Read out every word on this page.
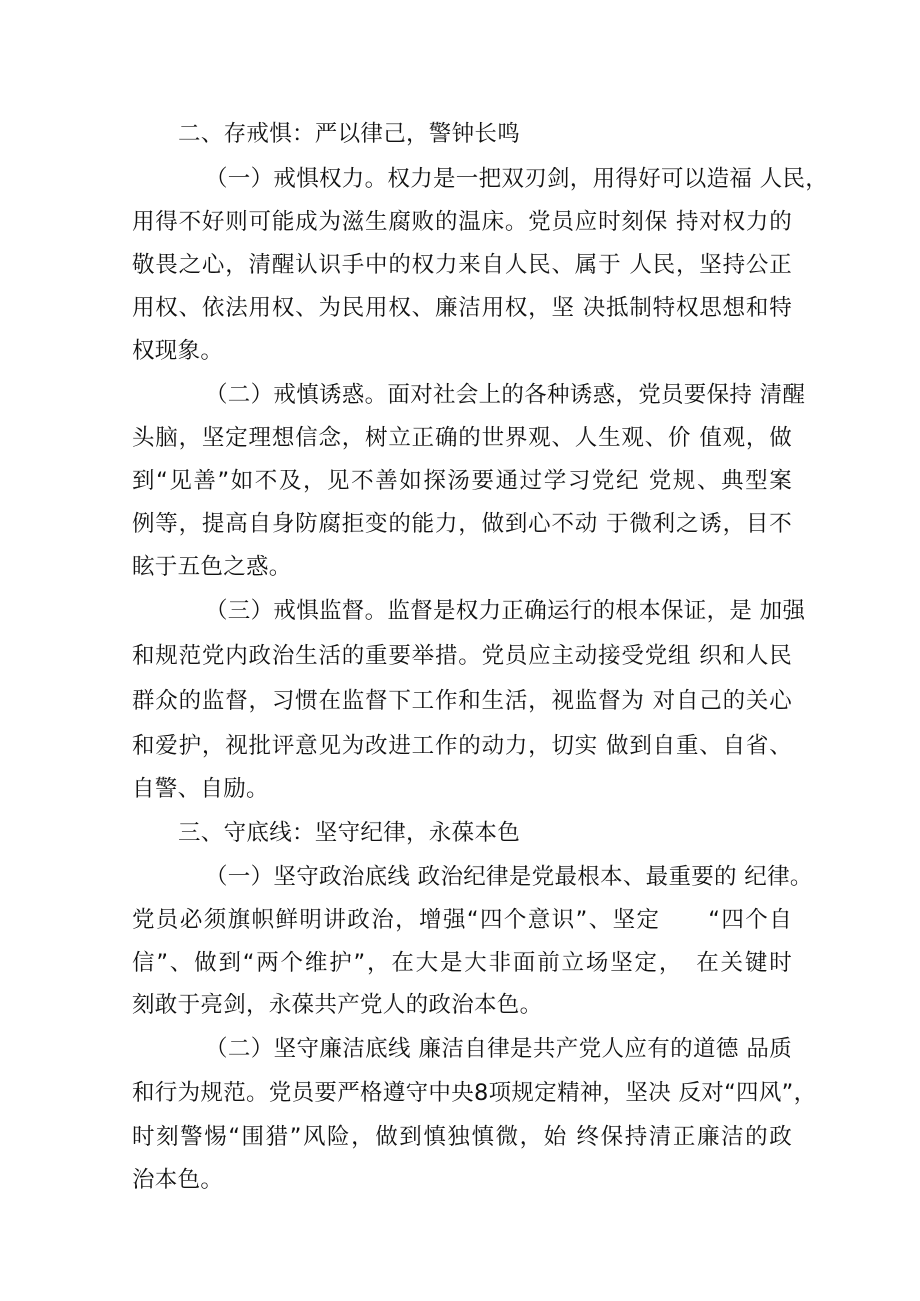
二、存戒惧：严以律己，警钟长鸣
（一）戒惧权力。权力是一把双刃剑，用得好可以造福 人民，
用得不好则可能成为滋生腐败的温床。党员应时刻保 持对权力的
敬畏之心，清醒认识手中的权力来自人民、属于 人民，坚持公正
用权、依法用权、为民用权、廉洁用权，坚 决抵制特权思想和特
权现象。
（二）戒慎诱惑。面对社会上的各种诱惑，党员要保持 清醒
头脑，坚定理想信念，树立正确的世界观、人生观、价 值观，做
到“见善”如不及，见不善如探汤要通过学习党纪 党规、典型案
例等，提高自身防腐拒变的能力，做到心不动 于微利之诱，目不
眩于五色之惑。
（三）戒惧监督。监督是权力正确运行的根本保证，是 加强
和规范党内政治生活的重要举措。党员应主动接受党组 织和人民
群众的监督，习惯在监督下工作和生活，视监督为 对自己的关心
和爱护，视批评意见为改进工作的动力，切实 做到自重、自省、
自警、自励。
三、守底线：坚守纪律，永葆本色
（一）坚守政治底线 政治纪律是党最根本、最重要的 纪律。
党员必须旗帜鲜明讲政治，增强“四个意识”、坚定　　“四个自
信”、做到“两个维护”，在大是大非面前立场坚定，　在关键时
刻敢于亮剑，永葆共产党人的政治本色。
（二）坚守廉洁底线 廉洁自律是共产党人应有的道德 品质
和行为规范。党员要严格遵守中央8项规定精神，坚决 反对“四风”，
时刻警惕“围猎”风险，做到慎独慎微，始 终保持清正廉洁的政
治本色。
